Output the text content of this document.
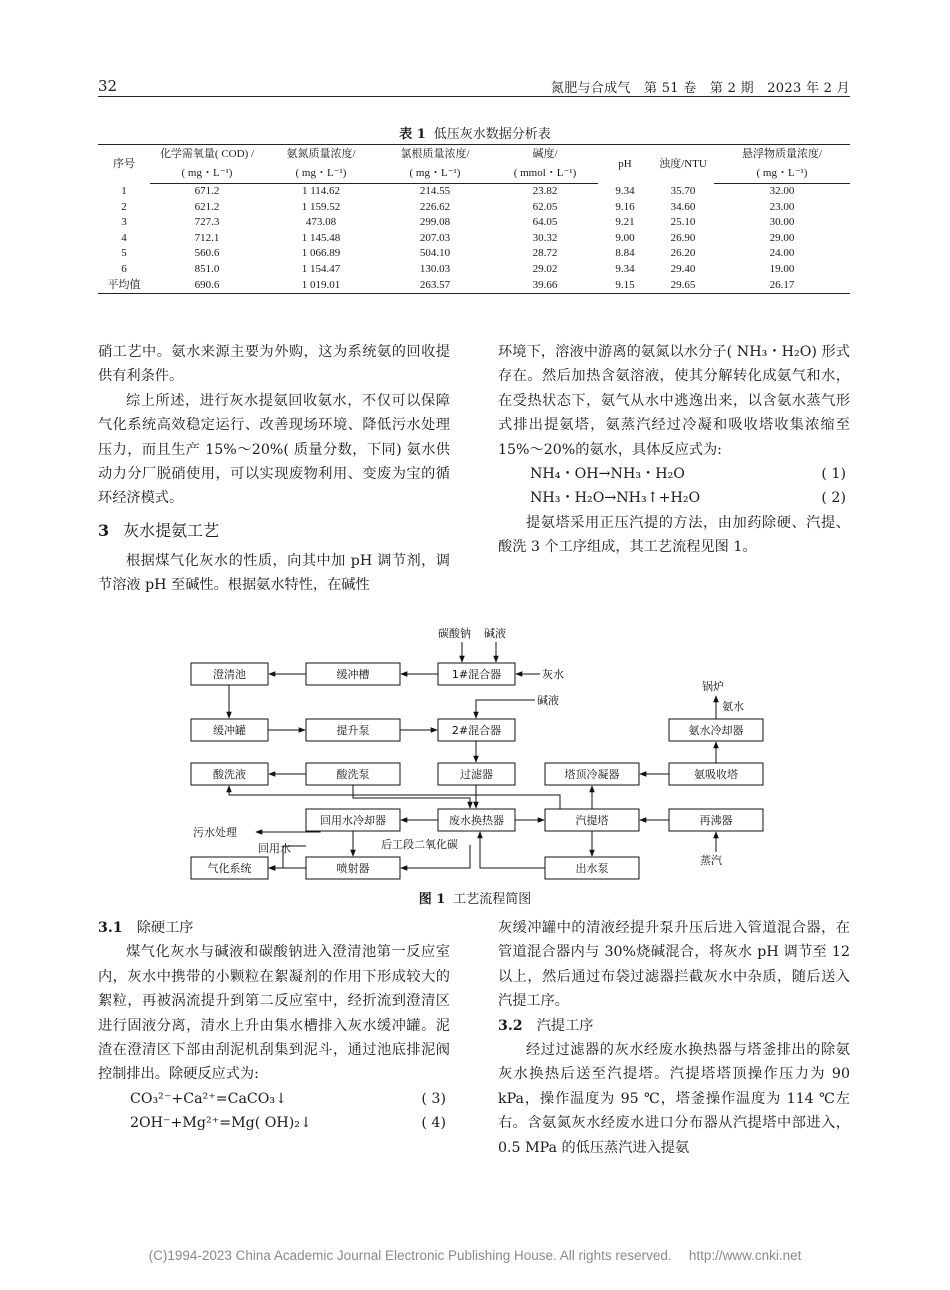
32	氮肥与合成气　第 51 卷　第 2 期　2023 年 2 月
表 1 低压灰水数据分析表
序号	化学需氧量( COD) /	氨氮质量浓度/	氯根质量浓度/	碱度/	pH	浊度/NTU	悬浮物质量浓度/
	( mg・L⁻¹)	( mg・L⁻¹)	( mg・L⁻¹)	( mmol・L⁻¹)			( mg・L⁻¹)
1	671.2	1 114.62	214.55	23.82	9.34	35.70	32.00
2	621.2	1 159.52	226.62	62.05	9.16	34.60	23.00
3	727.3	473.08	299.08	64.05	9.21	25.10	30.00
4	712.1	1 145.48	207.03	30.32	9.00	26.90	29.00
5	560.6	1 066.89	504.10	28.72	8.84	26.20	24.00
6	851.0	1 154.47	130.03	29.02	9.34	29.40	19.00
平均值	690.6	1 019.01	263.57	39.66	9.15	29.65	26.17

硝工艺中。氨水来源主要为外购，这为系统氨的回收提供有利条件。

综上所述，进行灰水提氨回收氨水，不仅可以保障气化系统高效稳定运行、改善现场环境、降低污水处理压力，而且生产 15%～20%( 质量分数，下同) 氨水供动力分厂脱硝使用，可以实现废物利用、变废为宝的循环经济模式。

3 灰水提氨工艺

根据煤气化灰水的性质，向其中加 pH 调节剂，调节溶液 pH 至碱性。根据氨水特性，在碱性

环境下，溶液中游离的氨氮以水分子( NH₃・H₂O) 形式存在。然后加热含氨溶液，使其分解转化成氨气和水，在受热状态下，氨气从水中逃逸出来，以含氨水蒸气形式排出提氨塔，氨蒸汽经过冷凝和吸收塔收集浓缩至 15%～20%的氨水，具体反应式为:

NH₄・OH→NH₃・H₂O	( 1)
NH₃・H₂O→NH₃↑+H₂O	( 2)

提氨塔采用正压汽提的方法，由加药除硬、汽提、酸洗 3 个工序组成，其工艺流程见图 1。

澄清池	缓冲槽	1#混合器
缓冲罐	提升泵	2#混合器
酸洗液	酸洗泵	过滤器
回用水冷却器	废水换热器	汽提塔	再沸器
气化系统	喷射器	出水泵
塔顶冷凝器	氨吸收塔
氨水冷却器
碳酸钠 碱液
灰水
碱液
锅炉
氨水
污水处理
回用水	后工段二氧化碳
蒸汽
图 1 工艺流程简图
3.1 除硬工序

煤气化灰水与碱液和碳酸钠进入澄清池第一反应室内，灰水中携带的小颗粒在絮凝剂的作用下形成较大的絮粒，再被涡流提升到第二反应室中，经折流到澄清区进行固液分离，清水上升由集水槽排入灰水缓冲罐。泥渣在澄清区下部由刮泥机刮集到泥斗，通过池底排泥阀控制排出。除硬反应式为:

CO₃²⁻+Ca²⁺=CaCO₃↓	( 3)
2OH⁻+Mg²⁺=Mg( OH)₂↓	( 4)

灰缓冲罐中的清液经提升泵升压后进入管道混合器，在管道混合器内与 30%烧碱混合，将灰水 pH 调节至 12 以上，然后通过布袋过滤器拦截灰水中杂质，随后送入汽提工序。

3.2 汽提工序

经过过滤器的灰水经废水换热器与塔釜排出的除氨灰水换热后送至汽提塔。汽提塔塔顶操作压力为 90 kPa，操作温度为 95 ℃，塔釜操作温度为 114 ℃左右。含氨氮灰水经废水进口分布器从汽提塔中部进入，0.5 MPa 的低压蒸汽进入提氨

(C)1994-2023 China Academic Journal Electronic Publishing House. All rights reserved.　 http://www.cnki.net
